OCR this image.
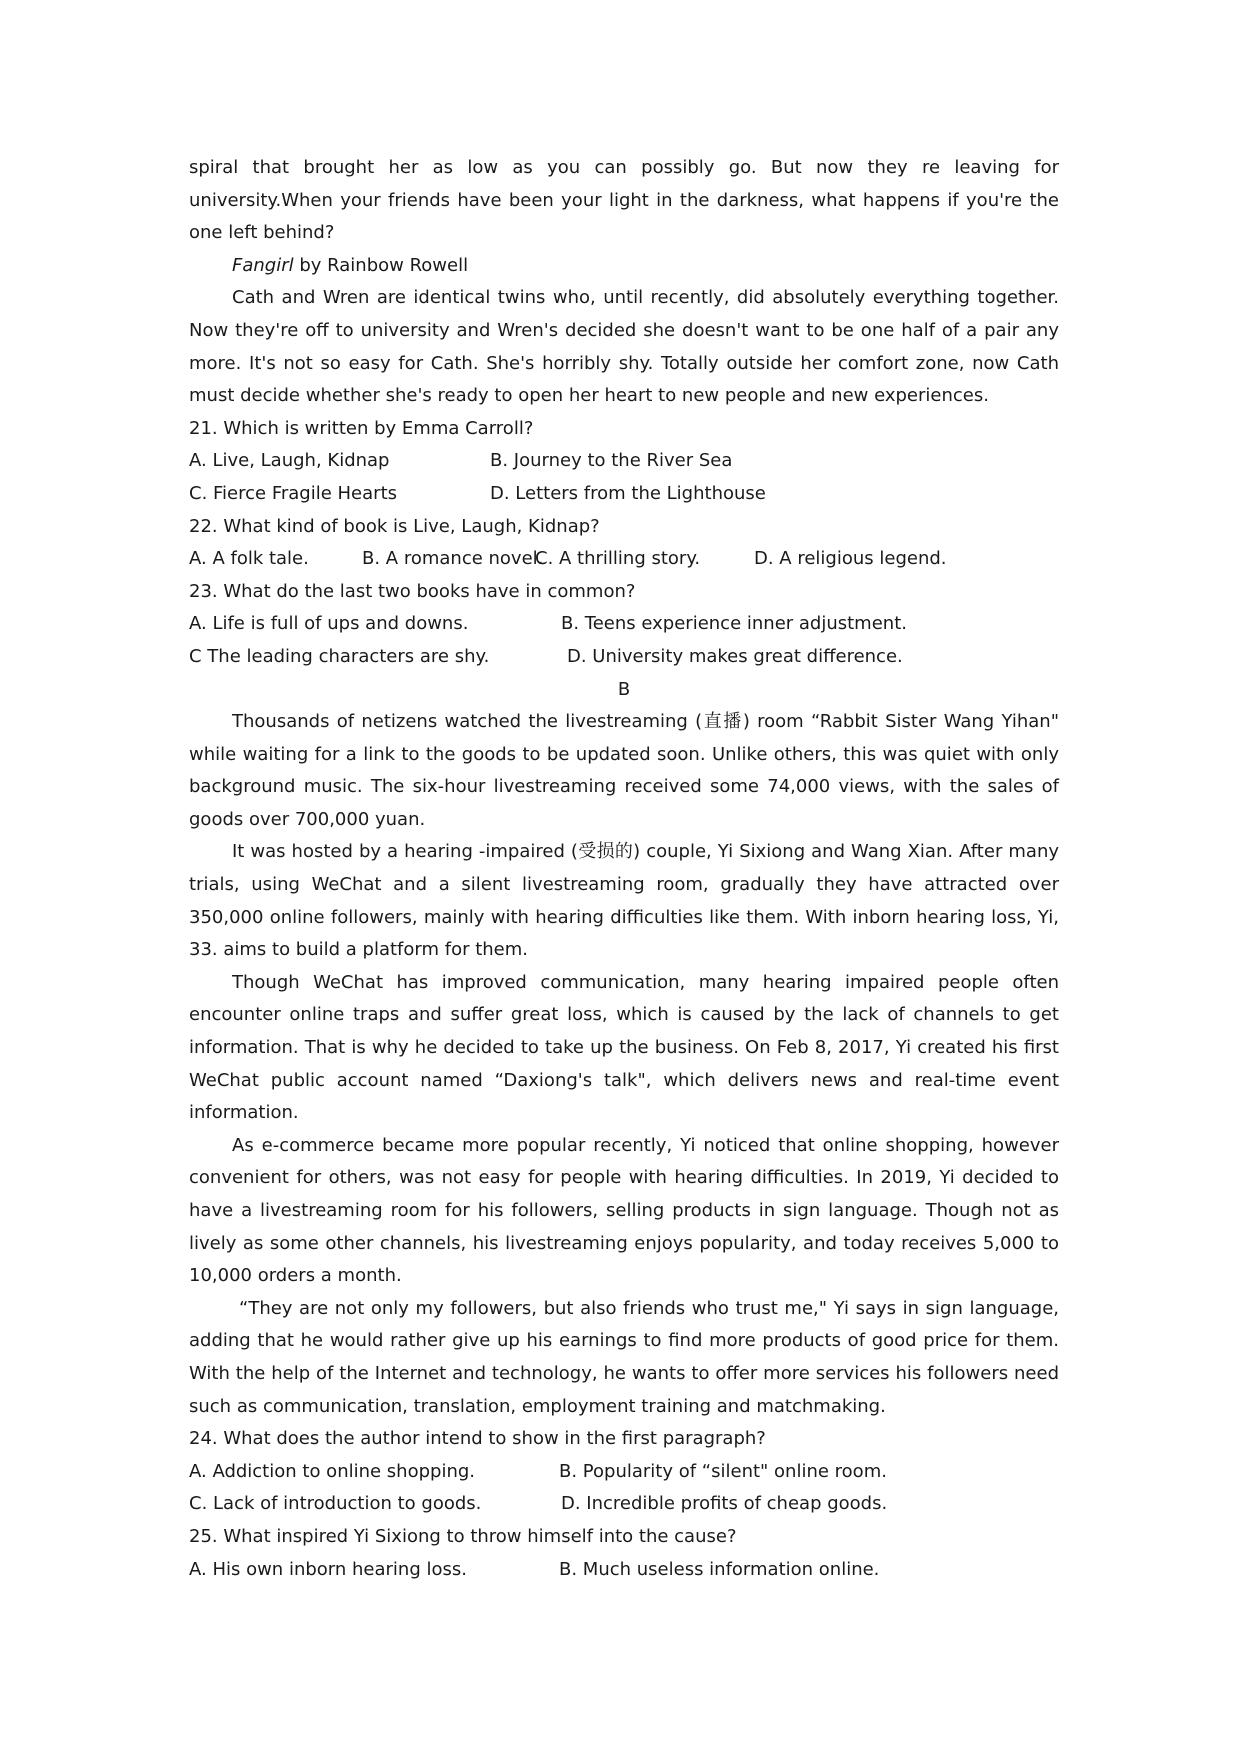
spiral that brought her as low as you can possibly go. But now they re leaving for university.When your friends have been your light in the darkness, what happens if you're the one left behind?

Fangirl by Rainbow Rowell

Cath and Wren are identical twins who, until recently, did absolutely everything together. Now they're off to university and Wren's decided she doesn't want to be one half of a pair any more. It's not so easy for Cath. She's horribly shy. Totally outside her comfort zone, now Cath must decide whether she's ready to open her heart to new people and new experiences.

21. Which is written by Emma Carroll?

A. Live, Laugh, Kidnap	B. Journey to the River Sea
C. Fierce Fragile Hearts	D. Letters from the Lighthouse

22. What kind of book is Live, Laugh, Kidnap?

A. A folk tale.	B. A romance novel.
C. A thrilling story.	D. A religious legend.

23. What do the last two books have in common?

A. Life is full of ups and downs.	B. Teens experience inner adjustment.
C The leading characters are shy.	D. University makes great difference.

B

Thousands of netizens watched the livestreaming (直播) room “Rabbit Sister Wang Yihan" while waiting for a link to the goods to be updated soon. Unlike others, this was quiet with only background music. The six-hour livestreaming received some 74,000 views, with the sales of goods over 700,000 yuan.

It was hosted by a hearing -impaired (受损的) couple, Yi Sixiong and Wang Xian. After many trials, using WeChat and a silent livestreaming room, gradually they have attracted over 350,000 online followers, mainly with hearing difficulties like them. With inborn hearing loss, Yi, 33. aims to build a platform for them.

Though WeChat has improved communication, many hearing impaired people often encounter online traps and suffer great loss, which is caused by the lack of channels to get information. That is why he decided to take up the business. On Feb 8, 2017, Yi created his first WeChat public account named “Daxiong's talk", which delivers news and real-time event information.

As e-commerce became more popular recently, Yi noticed that online shopping, however convenient for others, was not easy for people with hearing difficulties. In 2019, Yi decided to have a livestreaming room for his followers, selling products in sign language. Though not as lively as some other channels, his livestreaming enjoys popularity, and today receives 5,000 to 10,000 orders a month.

“They are not only my followers, but also friends who trust me," Yi says in sign language, adding that he would rather give up his earnings to find more products of good price for them. With the help of the Internet and technology, he wants to offer more services his followers need such as communication, translation, employment training and matchmaking.

24. What does the author intend to show in the first paragraph?

A. Addiction to online shopping.	B. Popularity of “silent" online room.
C. Lack of introduction to goods.	D. Incredible profits of cheap goods.

25. What inspired Yi Sixiong to throw himself into the cause?

A. His own inborn hearing loss.	B. Much useless information online.
